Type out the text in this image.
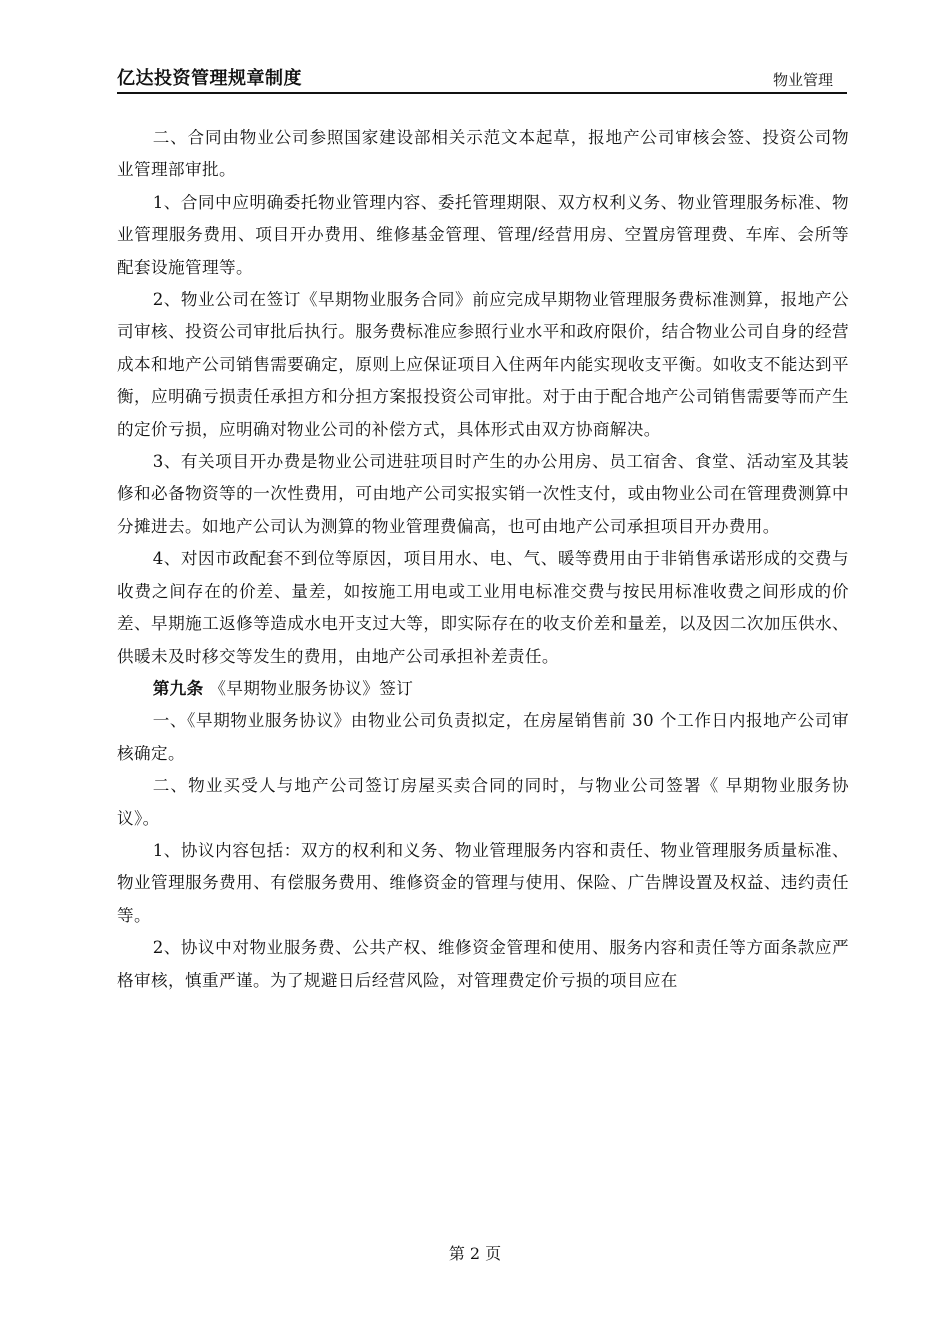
亿达投资管理规章制度	物业管理

二、合同由物业公司参照国家建设部相关示范文本起草，报地产公司审核会签、投资公司物业管理部审批。

1、合同中应明确委托物业管理内容、委托管理期限、双方权利义务、物业管理服务标准、物业管理服务费用、项目开办费用、维修基金管理、管理/经营用房、空置房管理费、车库、会所等配套设施管理等。

2、物业公司在签订《早期物业服务合同》前应完成早期物业管理服务费标准测算，报地产公司审核、投资公司审批后执行。服务费标准应参照行业水平和政府限价，结合物业公司自身的经营成本和地产公司销售需要确定，原则上应保证项目入住两年内能实现收支平衡。如收支不能达到平衡，应明确亏损责任承担方和分担方案报投资公司审批。对于由于配合地产公司销售需要等而产生的定价亏损，应明确对物业公司的补偿方式，具体形式由双方协商解决。

3、有关项目开办费是物业公司进驻项目时产生的办公用房、员工宿舍、食堂、活动室及其装修和必备物资等的一次性费用，可由地产公司实报实销一次性支付，或由物业公司在管理费测算中分摊进去。如地产公司认为测算的物业管理费偏高，也可由地产公司承担项目开办费用。

4、对因市政配套不到位等原因，项目用水、电、气、暖等费用由于非销售承诺形成的交费与收费之间存在的价差、量差，如按施工用电或工业用电标准交费与按民用标准收费之间形成的价差、早期施工返修等造成水电开支过大等，即实际存在的收支价差和量差，以及因二次加压供水、供暖未及时移交等发生的费用，由地产公司承担补差责任。

第九条 《早期物业服务协议》签订

一、《早期物业服务协议》由物业公司负责拟定，在房屋销售前 30 个工作日内报地产公司审核确定。

二、物业买受人与地产公司签订房屋买卖合同的同时，与物业公司签署《 早期物业服务协议》。

1、协议内容包括：双方的权利和义务、物业管理服务内容和责任、物业管理服务质量标准、物业管理服务费用、有偿服务费用、维修资金的管理与使用、保险、广告牌设置及权益、违约责任等。

2、协议中对物业服务费、公共产权、维修资金管理和使用、服务内容和责任等方面条款应严格审核，慎重严谨。为了规避日后经营风险，对管理费定价亏损的项目应在

第 2 页
